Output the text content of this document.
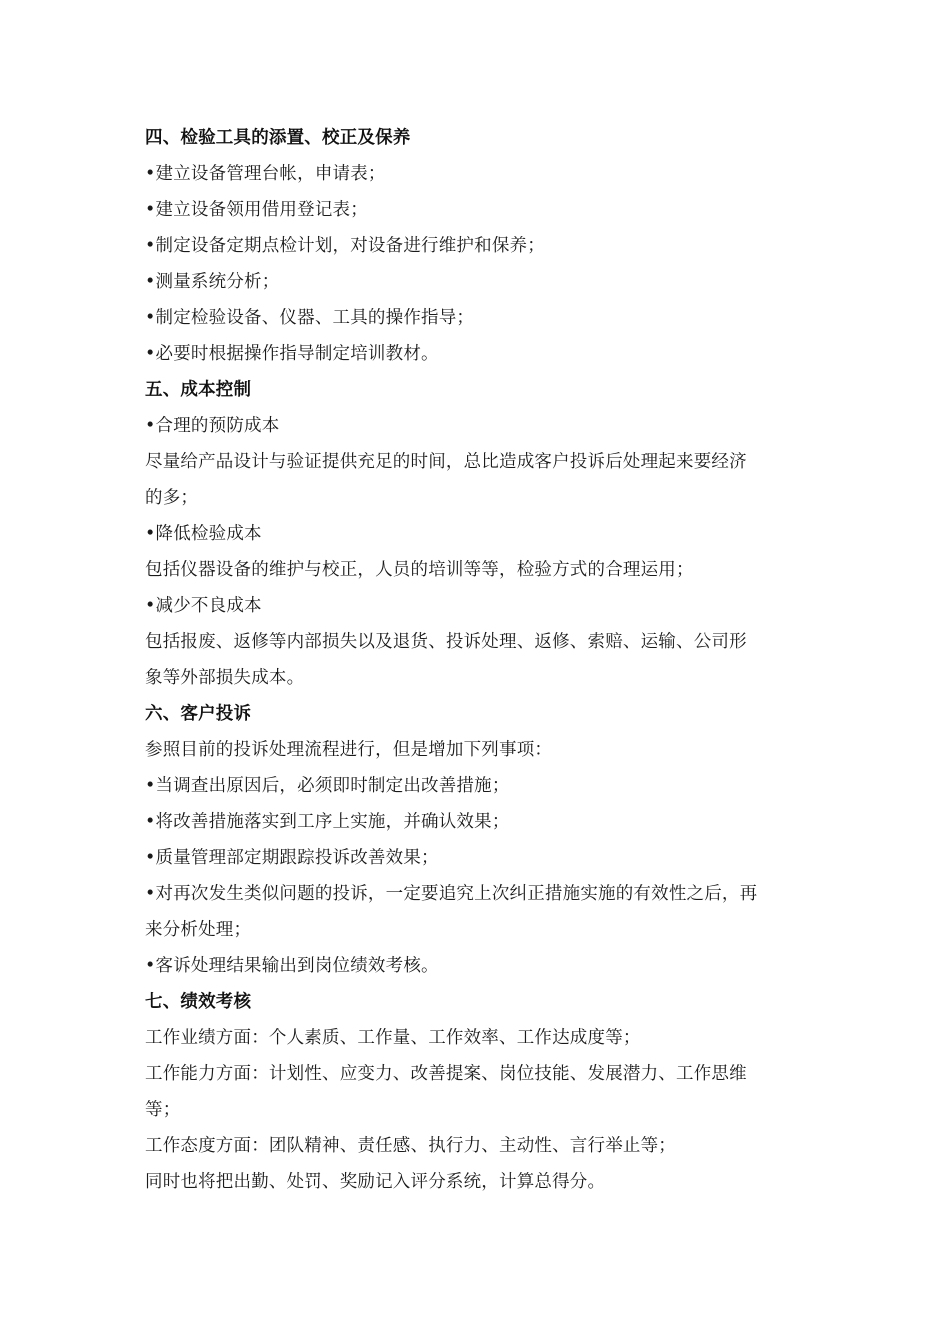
四、检验工具的添置、校正及保养
•建立设备管理台帐，申请表；
•建立设备领用借用登记表；
•制定设备定期点检计划，对设备进行维护和保养；
•测量系统分析；
•制定检验设备、仪器、工具的操作指导；
•必要时根据操作指导制定培训教材。
五、成本控制
•合理的预防成本
尽量给产品设计与验证提供充足的时间，总比造成客户投诉后处理起来要经济
的多；
•降低检验成本
包括仪器设备的维护与校正，人员的培训等等，检验方式的合理运用；
•减少不良成本
包括报废、返修等内部损失以及退货、投诉处理、返修、索赔、运输、公司形
象等外部损失成本。
六、客户投诉
参照目前的投诉处理流程进行，但是增加下列事项：
•当调查出原因后，必须即时制定出改善措施；
•将改善措施落实到工序上实施，并确认效果；
•质量管理部定期跟踪投诉改善效果；
•对再次发生类似问题的投诉，一定要追究上次纠正措施实施的有效性之后，再
来分析处理；
•客诉处理结果输出到岗位绩效考核。
七、绩效考核
工作业绩方面：个人素质、工作量、工作效率、工作达成度等；
工作能力方面：计划性、应变力、改善提案、岗位技能、发展潜力、工作思维
等；
工作态度方面：团队精神、责任感、执行力、主动性、言行举止等；
同时也将把出勤、处罚、奖励记入评分系统，计算总得分。
